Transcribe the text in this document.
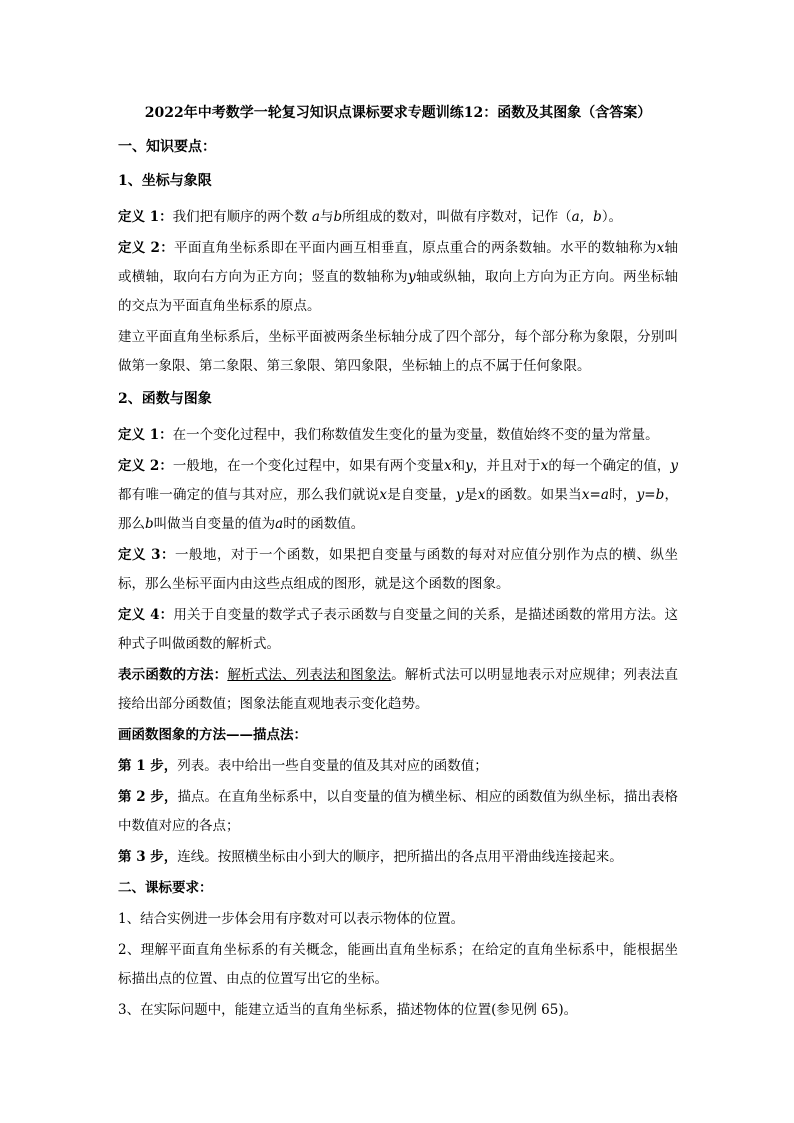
2022年中考数学一轮复习知识点课标要求专题训练12：函数及其图象（含答案）
一、知识要点：
1、坐标与象限
定义 1：我们把有顺序的两个数 a与b所组成的数对，叫做有序数对，记作（a，b）。
定义 2：平面直角坐标系即在平面内画互相垂直，原点重合的两条数轴。水平的数轴称为x轴或横轴，取向右方向为正方向；竖直的数轴称为y轴或纵轴，取向上方向为正方向。两坐标轴的交点为平面直角坐标系的原点。
建立平面直角坐标系后，坐标平面被两条坐标轴分成了四个部分，每个部分称为象限，分别叫做第一象限、第二象限、第三象限、第四象限，坐标轴上的点不属于任何象限。
2、函数与图象
定义 1：在一个变化过程中，我们称数值发生变化的量为变量，数值始终不变的量为常量。
定义 2：一般地，在一个变化过程中，如果有两个变量x和y，并且对于x的每一个确定的值，y都有唯一确定的值与其对应，那么我们就说x是自变量，y是x的函数。如果当x=a时，y=b，那么b叫做当自变量的值为a时的函数值。
定义 3：一般地，对于一个函数，如果把自变量与函数的每对对应值分别作为点的横、纵坐标，那么坐标平面内由这些点组成的图形，就是这个函数的图象。
定义 4：用关于自变量的数学式子表示函数与自变量之间的关系，是描述函数的常用方法。这种式子叫做函数的解析式。
表示函数的方法：解析式法、列表法和图象法。解析式法可以明显地表示对应规律；列表法直接给出部分函数值；图象法能直观地表示变化趋势。
画函数图象的方法——描点法：
第 1 步，列表。表中给出一些自变量的值及其对应的函数值；
第 2 步，描点。在直角坐标系中，以自变量的值为横坐标、相应的函数值为纵坐标，描出表格中数值对应的各点；
第 3 步，连线。按照横坐标由小到大的顺序，把所描出的各点用平滑曲线连接起来。
二、课标要求：
1、结合实例进一步体会用有序数对可以表示物体的位置。
2、理解平面直角坐标系的有关概念，能画出直角坐标系；在给定的直角坐标系中，能根据坐标描出点的位置、由点的位置写出它的坐标。
3、在实际问题中，能建立适当的直角坐标系，描述物体的位置(参见例 65)。
